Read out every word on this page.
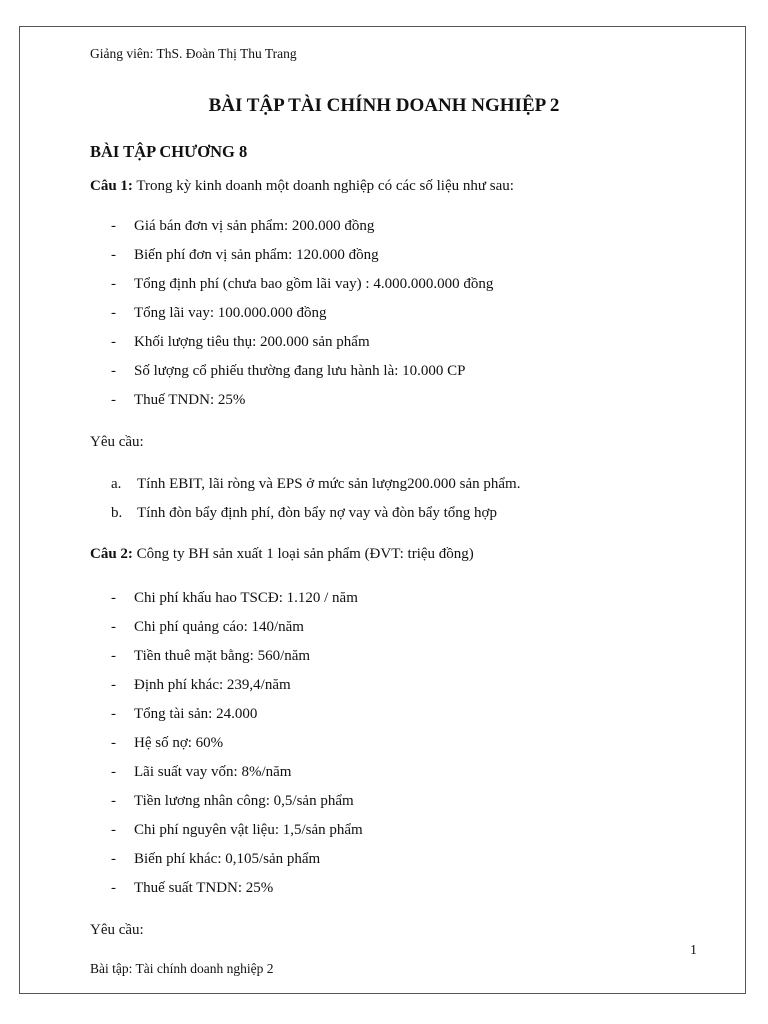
Giảng viên: ThS. Đoàn Thị Thu Trang
BÀI TẬP TÀI CHÍNH DOANH NGHIỆP 2
BÀI TẬP CHƯƠNG 8
Câu 1: Trong kỳ kinh doanh một doanh nghiệp có các số liệu như sau:
- Giá bán đơn vị sản phẩm: 200.000 đồng
- Biến phí đơn vị sản phẩm: 120.000 đồng
- Tổng định phí (chưa bao gồm lãi vay) : 4.000.000.000 đồng
- Tổng lãi vay: 100.000.000 đồng
- Khối lượng tiêu thụ: 200.000 sản phẩm
- Số lượng cổ phiếu thường đang lưu hành là: 10.000 CP
- Thuế TNDN: 25%
Yêu cầu:
a. Tính EBIT, lãi ròng và EPS ở mức sản lượng200.000 sản phẩm.
b. Tính đòn bẩy định phí, đòn bẩy nợ vay và đòn bẩy tổng hợp
Câu 2: Công ty BH sản xuất 1 loại sản phẩm (ĐVT: triệu đồng)
- Chi phí khấu hao TSCĐ: 1.120 / năm
- Chi phí quảng cáo: 140/năm
- Tiền thuê mặt bằng: 560/năm
- Định phí khác: 239,4/năm
- Tổng tài sản: 24.000
- Hệ số nợ: 60%
- Lãi suất vay vốn: 8%/năm
- Tiền lương nhân công: 0,5/sản phẩm
- Chi phí nguyên vật liệu: 1,5/sản phẩm
- Biến phí khác: 0,105/sản phẩm
- Thuế suất TNDN: 25%
Yêu cầu:
1
Bài tập: Tài chính doanh nghiệp 2
